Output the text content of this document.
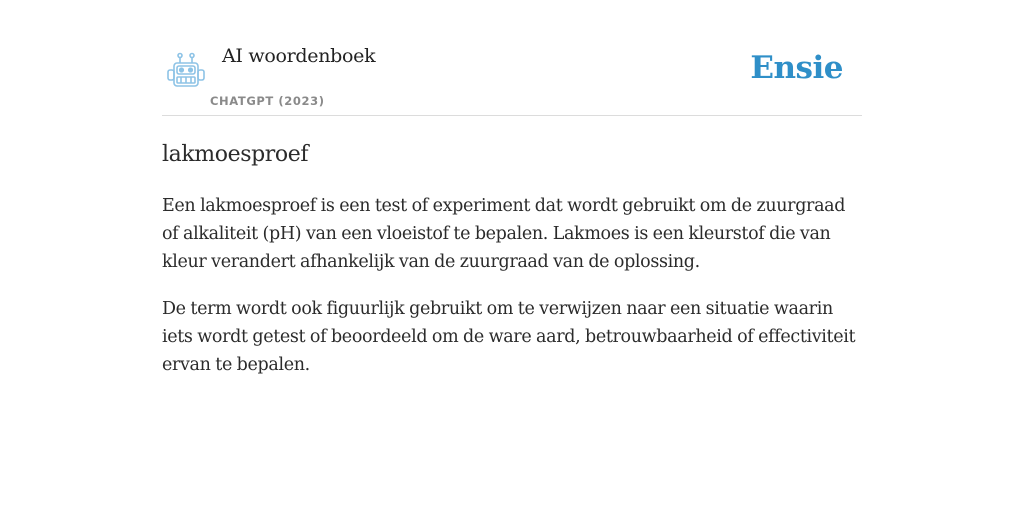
AI woordenboek
CHATGPT (2023)
Ensie
lakmoesproef

Een lakmoesproef is een test of experiment dat wordt gebruikt om de zuurgraad of alkaliteit (pH) van een vloeistof te bepalen. Lakmoes is een kleurstof die van kleur verandert afhankelijk van de zuurgraad van de oplossing.

De term wordt ook figuurlijk gebruikt om te verwijzen naar een situatie waarin iets wordt getest of beoordeeld om de ware aard, betrouwbaarheid of effectiviteit ervan te bepalen.
